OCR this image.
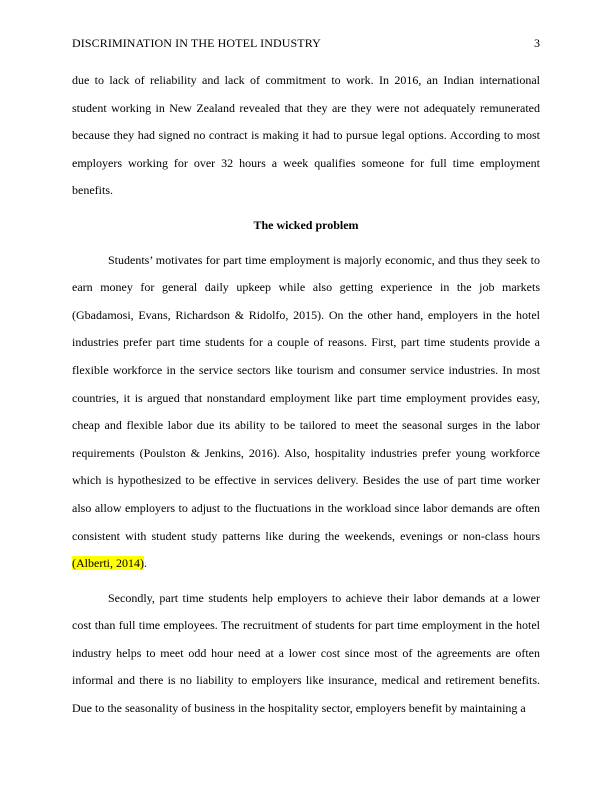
DISCRIMINATION IN THE HOTEL INDUSTRY	3

due to lack of reliability and lack of commitment to work. In 2016, an Indian international student working in New Zealand revealed that they are they were not adequately remunerated because they had signed no contract is making it had to pursue legal options. According to most employers working for over 32 hours a week qualifies someone for full time employment benefits.

The wicked problem

Students’ motivates for part time employment is majorly economic, and thus they seek to earn money for general daily upkeep while also getting experience in the job markets (Gbadamosi, Evans, Richardson & Ridolfo, 2015). On the other hand, employers in the hotel industries prefer part time students for a couple of reasons. First, part time students provide a flexible workforce in the service sectors like tourism and consumer service industries. In most countries, it is argued that nonstandard employment like part time employment provides easy, cheap and flexible labor due its ability to be tailored to meet the seasonal surges in the labor requirements (Poulston & Jenkins, 2016). Also, hospitality industries prefer young workforce which is hypothesized to be effective in services delivery. Besides the use of part time worker also allow employers to adjust to the fluctuations in the workload since labor demands are often consistent with student study patterns like during the weekends, evenings or non-class hours (Alberti, 2014).

Secondly, part time students help employers to achieve their labor demands at a lower cost than full time employees. The recruitment of students for part time employment in the hotel industry helps to meet odd hour need at a lower cost since most of the agreements are often informal and there is no liability to employers like insurance, medical and retirement benefits. Due to the seasonality of business in the hospitality sector, employers benefit by maintaining a
